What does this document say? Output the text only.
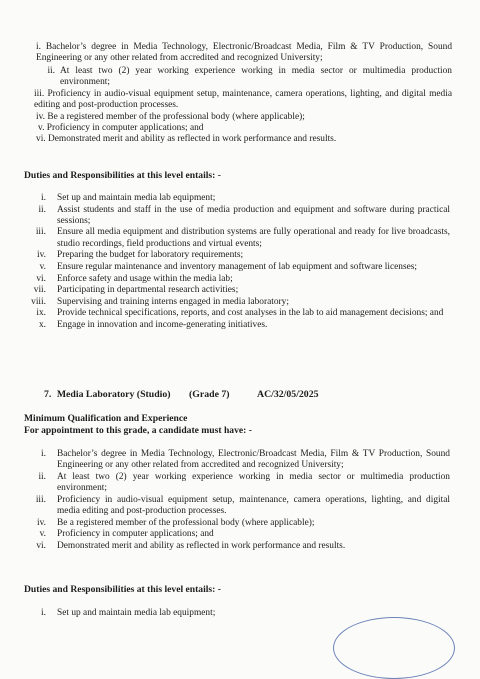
i. Bachelor’s degree in Media Technology, Electronic/Broadcast Media, Film & TV Production, Sound Engineering or any other related from accredited and recognized University;
ii. At least two (2) year working experience working in media sector or multimedia production environment;
iii. Proficiency in audio-visual equipment setup, maintenance, camera operations, lighting, and digital media editing and post-production processes.
iv. Be a registered member of the professional body (where applicable);
v. Proficiency in computer applications; and
vi. Demonstrated merit and ability as reflected in work performance and results.
Duties and Responsibilities at this level entails: -
i. Set up and maintain media lab equipment;
ii. Assist students and staff in the use of media production and equipment and software during practical sessions;
iii. Ensure all media equipment and distribution systems are fully operational and ready for live broadcasts, studio recordings, field productions and virtual events;
iv. Preparing the budget for laboratory requirements;
v. Ensure regular maintenance and inventory management of lab equipment and software licenses;
vi. Enforce safety and usage within the media lab;
vii. Participating in departmental research activities;
viii. Supervising and training interns engaged in media laboratory;
ix. Provide technical specifications, reports, and cost analyses in the lab to aid management decisions; and
x. Engage in innovation and income-generating initiatives.
7. Media Laboratory (Studio) (Grade 7)	AC/32/05/2025
Minimum Qualification and Experience
For appointment to this grade, a candidate must have: -
i. Bachelor’s degree in Media Technology, Electronic/Broadcast Media, Film & TV Production, Sound Engineering or any other related from accredited and recognized University;
ii. At least two (2) year working experience working in media sector or multimedia production environment;
iii. Proficiency in audio-visual equipment setup, maintenance, camera operations, lighting, and digital media editing and post-production processes.
iv. Be a registered member of the professional body (where applicable);
v. Proficiency in computer applications; and
vi. Demonstrated merit and ability as reflected in work performance and results.
Duties and Responsibilities at this level entails: -
i. Set up and maintain media lab equipment;
